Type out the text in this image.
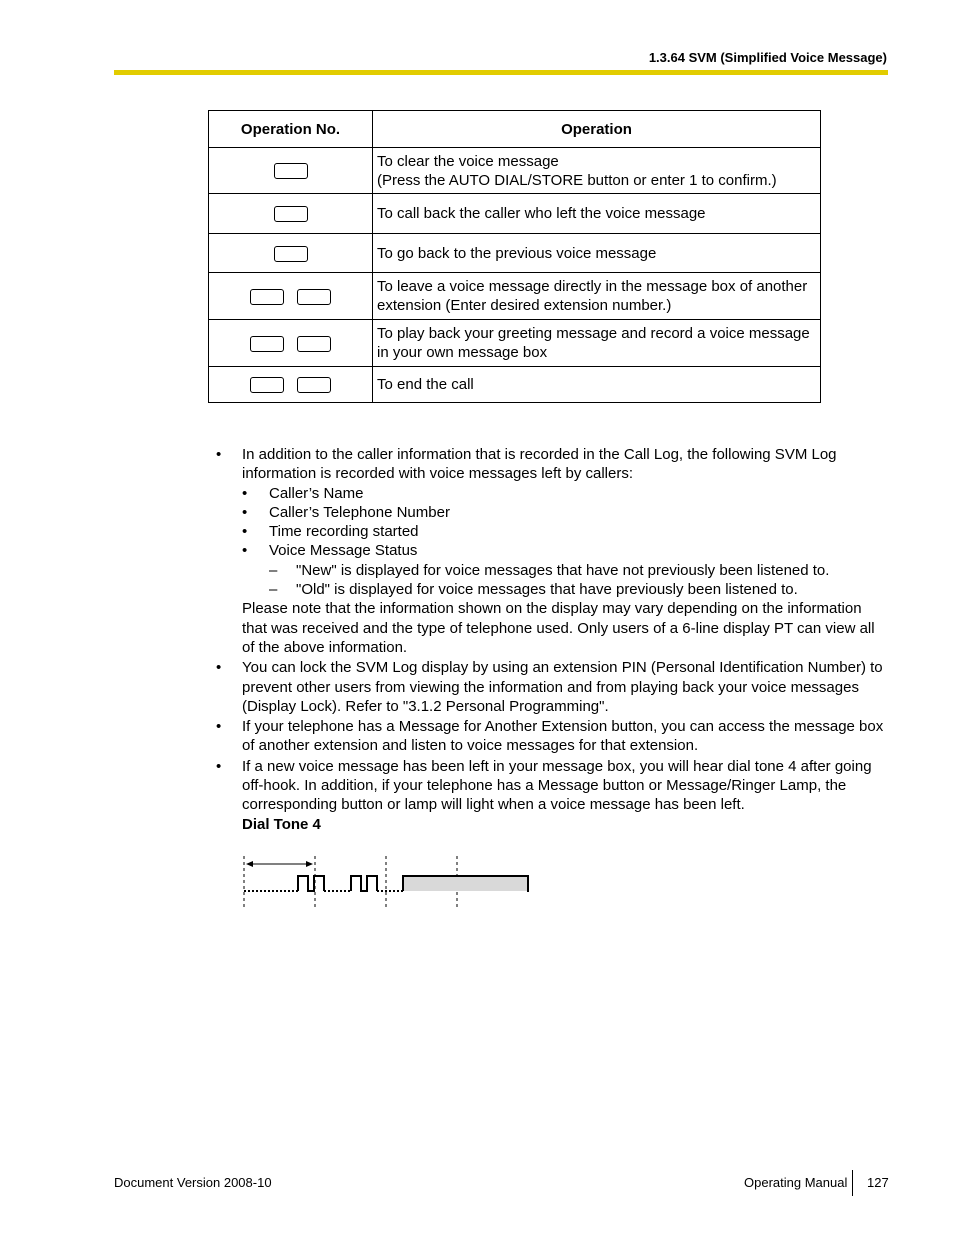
1.3.64 SVM (Simplified Voice Message)
Operation No.	Operation

	To clear the voice message
(Press the AUTO DIAL/STORE button or enter 1 to confirm.)

	To call back the caller who left the voice message

	To go back to the previous voice message

	To leave a voice message directly in the message box of another
extension (Enter desired extension number.)

	To play back your greeting message and record a voice message
in your own message box

	To end the call
• In addition to the caller information that is recorded in the Call Log, the following SVM Log information is recorded with voice messages left by callers:
• Caller’s Name
• Caller’s Telephone Number
• Time recording started
• Voice Message Status
– "New" is displayed for voice messages that have not previously been listened to.
– "Old" is displayed for voice messages that have previously been listened to.
Please note that the information shown on the display may vary depending on the information that was received and the type of telephone used. Only users of a 6-line display PT can view all of the above information.
• You can lock the SVM Log display by using an extension PIN (Personal Identification Number) to prevent other users from viewing the information and from playing back your voice messages (Display Lock). Refer to "3.1.2 Personal Programming".
• If your telephone has a Message for Another Extension button, you can access the message box of another extension and listen to voice messages for that extension.
• If a new voice message has been left in your message box, you will hear dial tone 4 after going off-hook. In addition, if your telephone has a Message button or Message/Ringer Lamp, the corresponding button or lamp will light when a voice message has been left.
Dial Tone 4
Document Version 2008-10	Operating Manual 127
